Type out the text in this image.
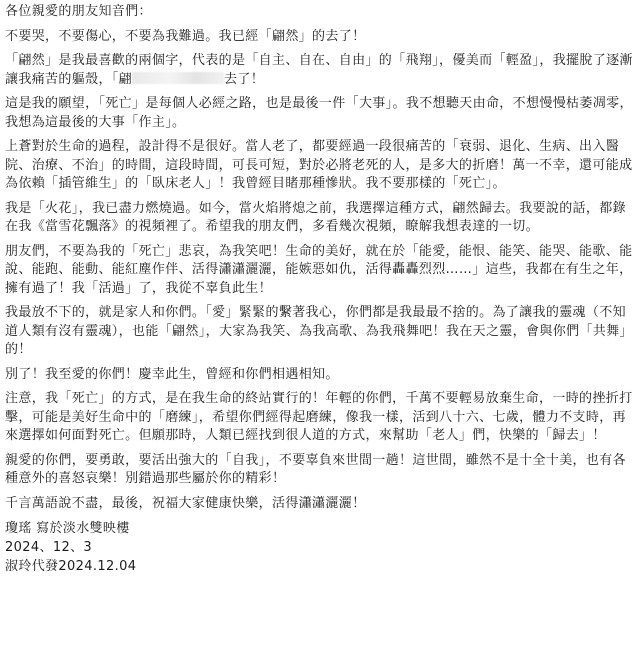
各位親愛的朋友知音們：

不要哭，不要傷心，不要為我難過。我已經「翩然」的去了！

「翩然」是我最喜歡的兩個字，代表的是「自主、自在、自由」的「飛翔」，優美而「輕盈」，我擺脫了逐漸讓我痛苦的軀殼，「翩	去了！

這是我的願望，「死亡」是每個人必經之路，也是最後一件「大事」。我不想聽天由命，不想慢慢枯萎凋零，我想為這最後的大事「作主」。

上蒼對於生命的過程，設計得不是很好。當人老了，都要經過一段很痛苦的「衰弱、退化、生病、出入醫院、治療、不治」的時間，這段時間，可長可短，對於必將老死的人，是多大的折磨！萬一不幸，還可能成為依賴「插管維生」的「臥床老人」！我曾經目睹那種慘狀。我不要那樣的「死亡」。

我是「火花」，我已盡力燃燒過。如今，當火焰將熄之前，我選擇這種方式，翩然歸去。我要說的話，都錄在我《當雪花飄落》的視頻裡了。希望我的朋友們，多看幾次視頻，瞭解我想表達的一切。

朋友們，不要為我的「死亡」悲哀，為我笑吧！生命的美好，就在於「能愛，能恨、能笑、能哭、能歌、能說、能跑、能動、能紅塵作伴、活得瀟瀟灑灑，能嫉惡如仇，活得轟轟烈烈……」這些，我都在有生之年，擁有過了！我「活過」了，我從不辜負此生！

我最放不下的，就是家人和你們。「愛」緊緊的繫著我心，你們都是我最最不捨的。為了讓我的靈魂（不知道人類有沒有靈魂），也能「翩然」，大家為我笑、為我高歌、為我飛舞吧！我在天之靈，會與你們「共舞」的！

別了！我至愛的你們！慶幸此生，曾經和你們相遇相知。

注意，我「死亡」的方式，是在我生命的終站實行的！年輕的你們，千萬不要輕易放棄生命，一時的挫折打擊，可能是美好生命中的「磨練」，希望你們經得起磨練，像我一樣，活到八十六、七歲，體力不支時，再來選擇如何面對死亡。但願那時，人類已經找到很人道的方式，來幫助「老人」們，快樂的「歸去」！

親愛的你們，要勇敢，要活出強大的「自我」，不要辜負來世間一趟！這世間，雖然不是十全十美，也有各種意外的喜怒哀樂！別錯過那些屬於你的精彩！

千言萬語說不盡，最後，祝福大家健康快樂，活得瀟瀟灑灑！

瓊瑤 寫於淡水雙映樓

2024、12、3

淑玲代發2024.12.04
